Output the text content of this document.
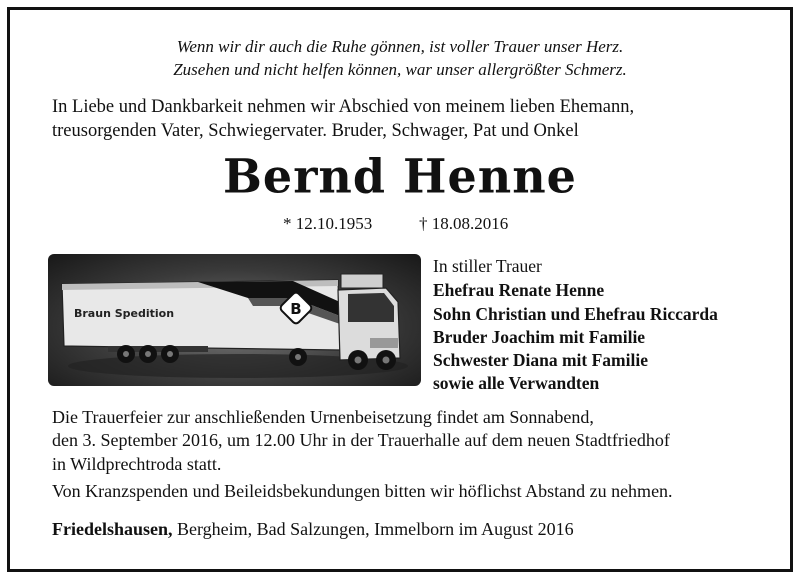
Wenn wir dir auch die Ruhe gönnen, ist voller Trauer unser Herz.
Zusehen und nicht helfen können, war unser allergrößter Schmerz.
In Liebe und Dankbarkeit nehmen wir Abschied von meinem lieben Ehemann,
treusorgenden Vater, Schwiegervater. Bruder, Schwager, Pat und Onkel
Bernd Henne
* 12.10.1953	† 18.08.2016
B
Braun Spedition
In stiller Trauer
Ehefrau Renate Henne
Sohn Christian und Ehefrau Riccarda
Bruder Joachim mit Familie
Schwester Diana mit Familie
sowie alle Verwandten
Die Trauerfeier zur anschließenden Urnenbeisetzung findet am Sonnabend,
den 3. September 2016, um 12.00 Uhr in der Trauerhalle auf dem neuen Stadtfriedhof
in Wildprechtroda statt.
Von Kranzspenden und Beileidsbekundungen bitten wir höflichst Abstand zu nehmen.
Friedelshausen, Bergheim, Bad Salzungen, Immelborn im August 2016
